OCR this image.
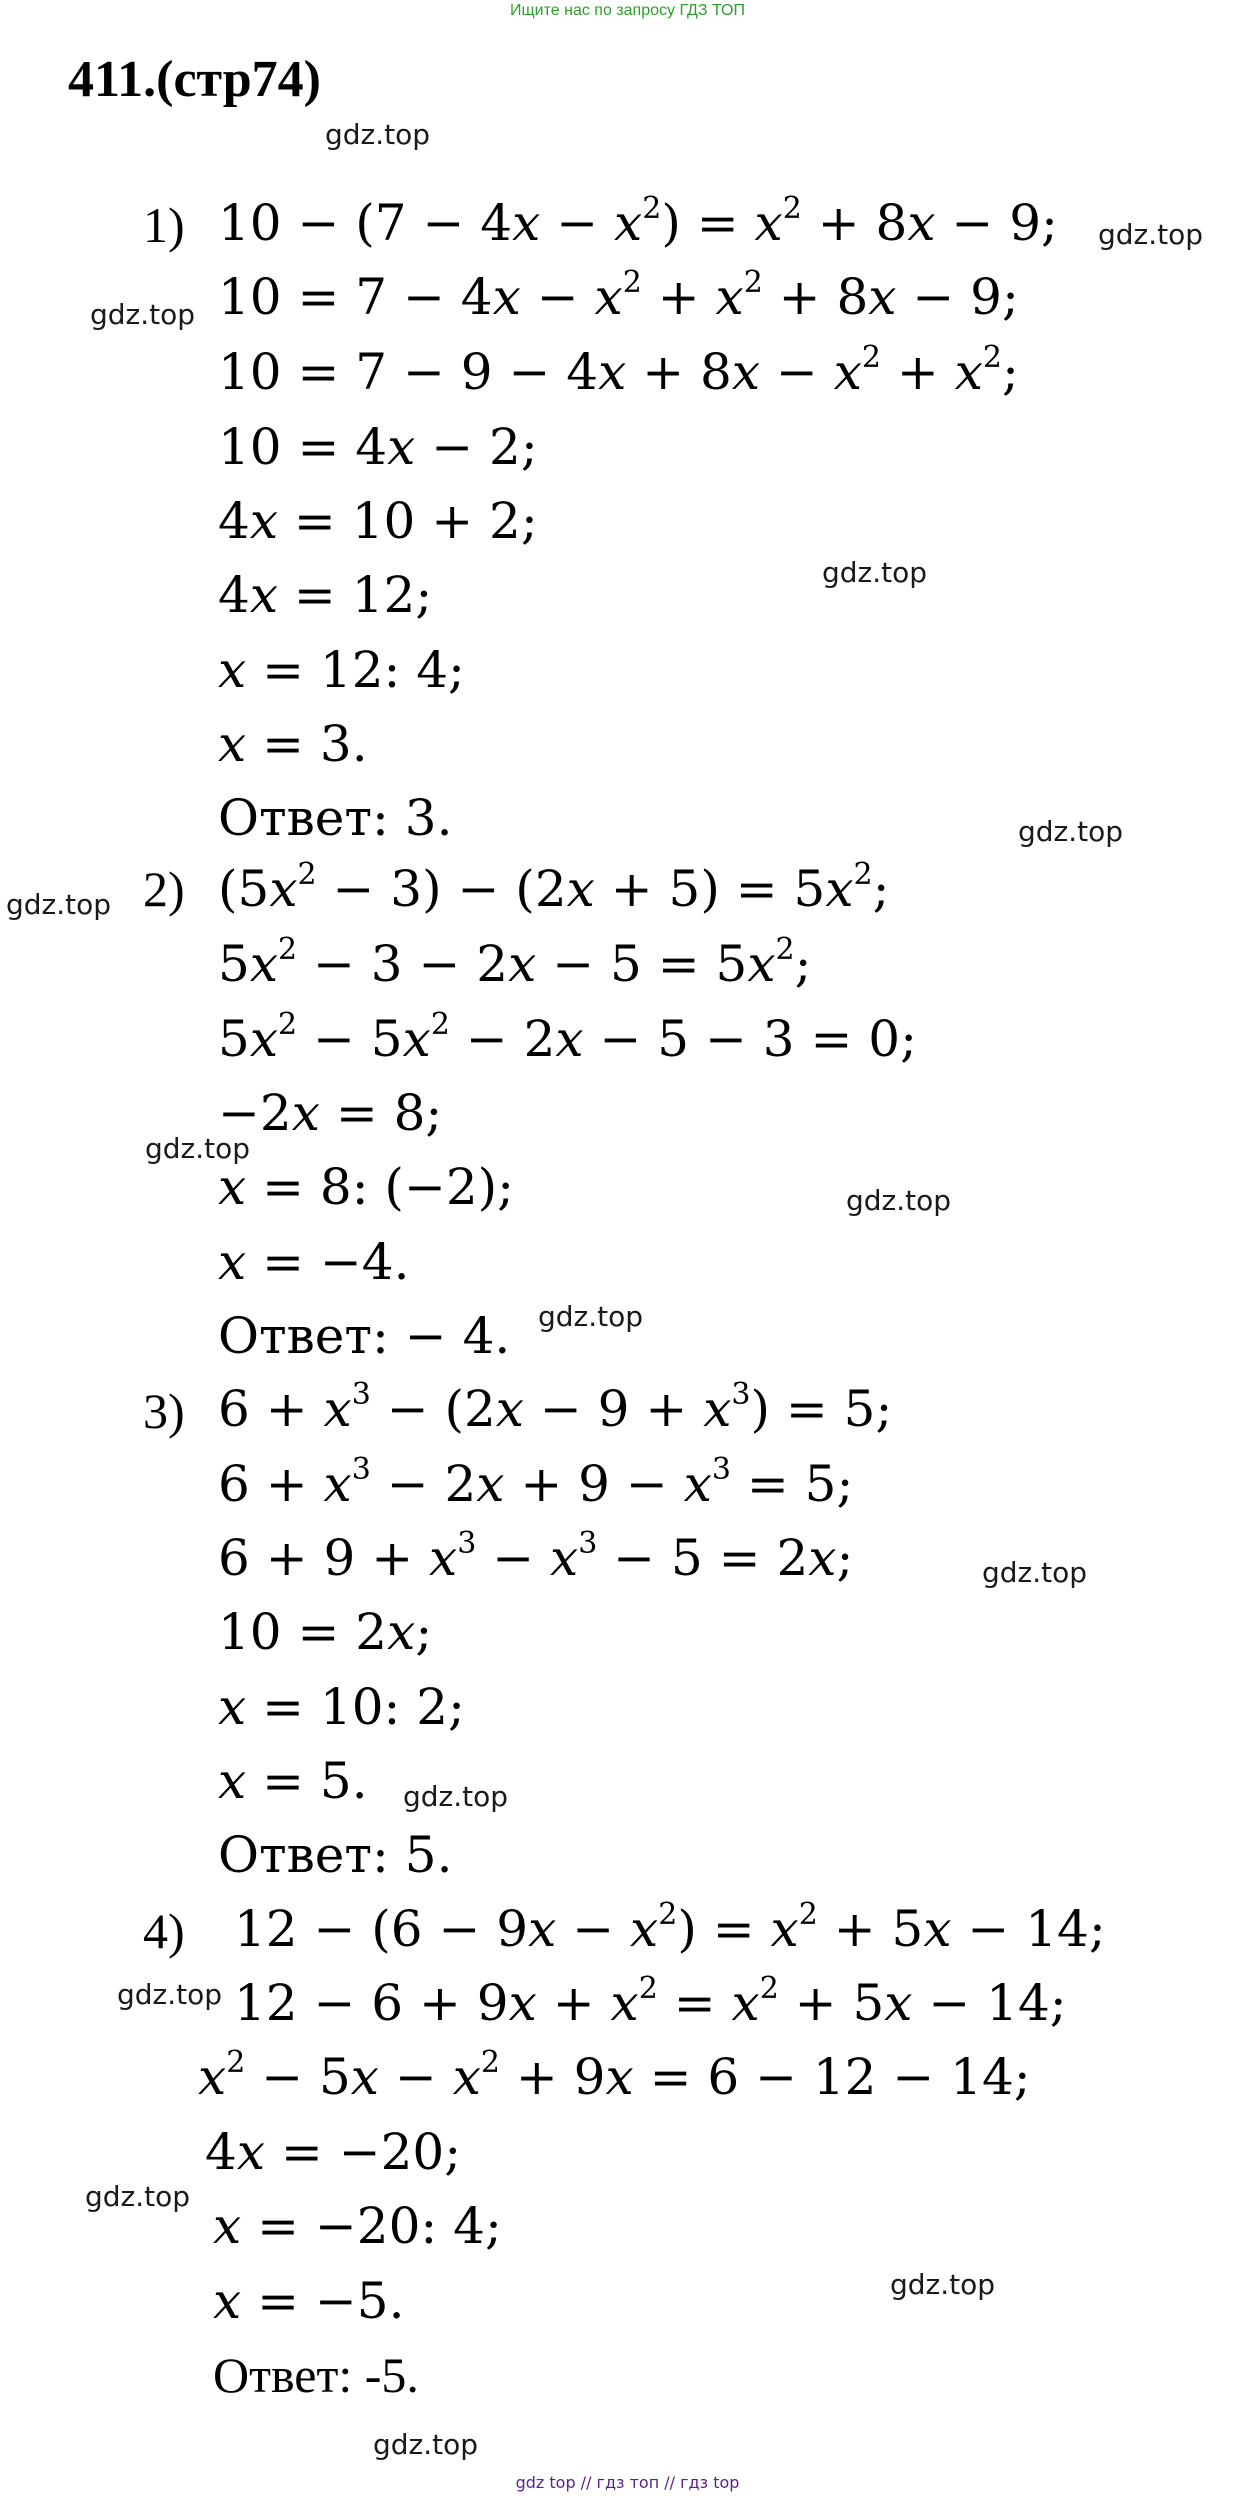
Ищите нас по запросу ГДЗ ТОП
411.(стр74)
gdz.top
gdz.top
gdz.top
gdz.top
gdz.top
gdz.top
gdz.top
gdz.top
gdz.top
gdz.top
gdz.top
gdz.top
gdz.top
gdz.top
gdz.top
1) $10 - (7 - 4x - x^2) = x^2 + 8x - 9$;
$10 = 7 - 4x - x^2 + x^2 + 8x - 9$;
$10 = 7 - 9 - 4x + 8x - x^2 + x^2$;
10 = 4x − 2;
4x = 10 + 2;
4x = 12;
x = 12: 4;
x = 3.
Ответ: 3.
2) $(5x^2 - 3) - (2x + 5) = 5x^2$;
$5x^2 - 3 - 2x - 5 = 5x^2$;
$5x^2 - 5x^2 - 2x - 5 - 3 = 0$;
−2x = 8;
x = 8: (−2);
x = −4.
Ответ: − 4.
3) $6 + x^3 - (2x - 9 + x^3) = 5$;
$6 + x^3 - 2x + 9 - x^3 = 5$;
$6 + 9 + x^3 - x^3 - 5 = 2x$;
10 = 2x;
x = 10: 2;
x = 5.
Ответ: 5.
4) $12 - (6 - 9x - x^2) = x^2 + 5x - 14$;
$12 - 6 + 9x + x^2 = x^2 + 5x - 14$;
$x^2 - 5x - x^2 + 9x = 6 - 12 - 14$;
4x = −20;
x = −20: 4;
x = −5.
Ответ: -5.
gdz top // гдз топ // гдз top
